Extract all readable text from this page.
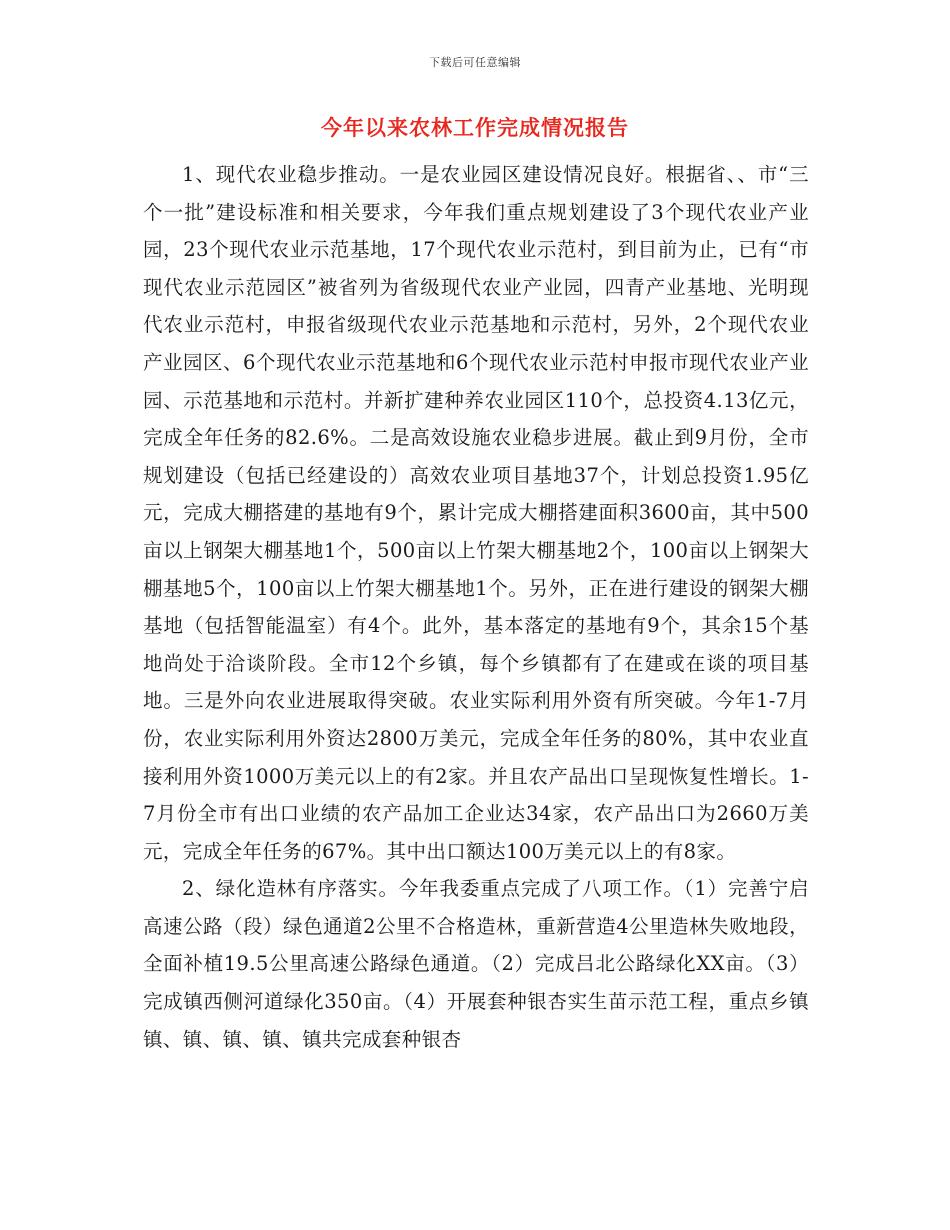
下载后可任意编辑
今年以来农林工作完成情况报告

1、现代农业稳步推动。一是农业园区建设情况良好。根据省、、市“三个一批”建设标准和相关要求，今年我们重点规划建设了3个现代农业产业园，23个现代农业示范基地，17个现代农业示范村，到目前为止，已有“市现代农业示范园区”被省列为省级现代农业产业园，四青产业基地、光明现代农业示范村，申报省级现代农业示范基地和示范村，另外，2个现代农业产业园区、6个现代农业示范基地和6个现代农业示范村申报市现代农业产业园、示范基地和示范村。并新扩建种养农业园区110个，总投资4.13亿元，完成全年任务的82.6%。二是高效设施农业稳步进展。截止到9月份，全市规划建设（包括已经建设的）高效农业项目基地37个，计划总投资1.95亿元，完成大棚搭建的基地有9个，累计完成大棚搭建面积3600亩，其中500亩以上钢架大棚基地1个，500亩以上竹架大棚基地2个，100亩以上钢架大棚基地5个，100亩以上竹架大棚基地1个。另外，正在进行建设的钢架大棚基地（包括智能温室）有4个。此外，基本落定的基地有9个，其余15个基地尚处于洽谈阶段。全市12个乡镇，每个乡镇都有了在建或在谈的项目基地。三是外向农业进展取得突破。农业实际利用外资有所突破。今年1-7月份，农业实际利用外资达2800万美元，完成全年任务的80%，其中农业直接利用外资1000万美元以上的有2家。并且农产品出口呈现恢复性增长。1-7月份全市有出口业绩的农产品加工企业达34家，农产品出口为2660万美元，完成全年任务的67%。其中出口额达100万美元以上的有8家。

2、绿化造林有序落实。今年我委重点完成了八项工作。（1）完善宁启高速公路（段）绿色通道2公里不合格造林，重新营造4公里造林失败地段，全面补植19.5公里高速公路绿色通道。（2）完成吕北公路绿化XX亩。（3）完成镇西侧河道绿化350亩。（4）开展套种银杏实生苗示范工程，重点乡镇镇、镇、镇、镇、镇共完成套种银杏
